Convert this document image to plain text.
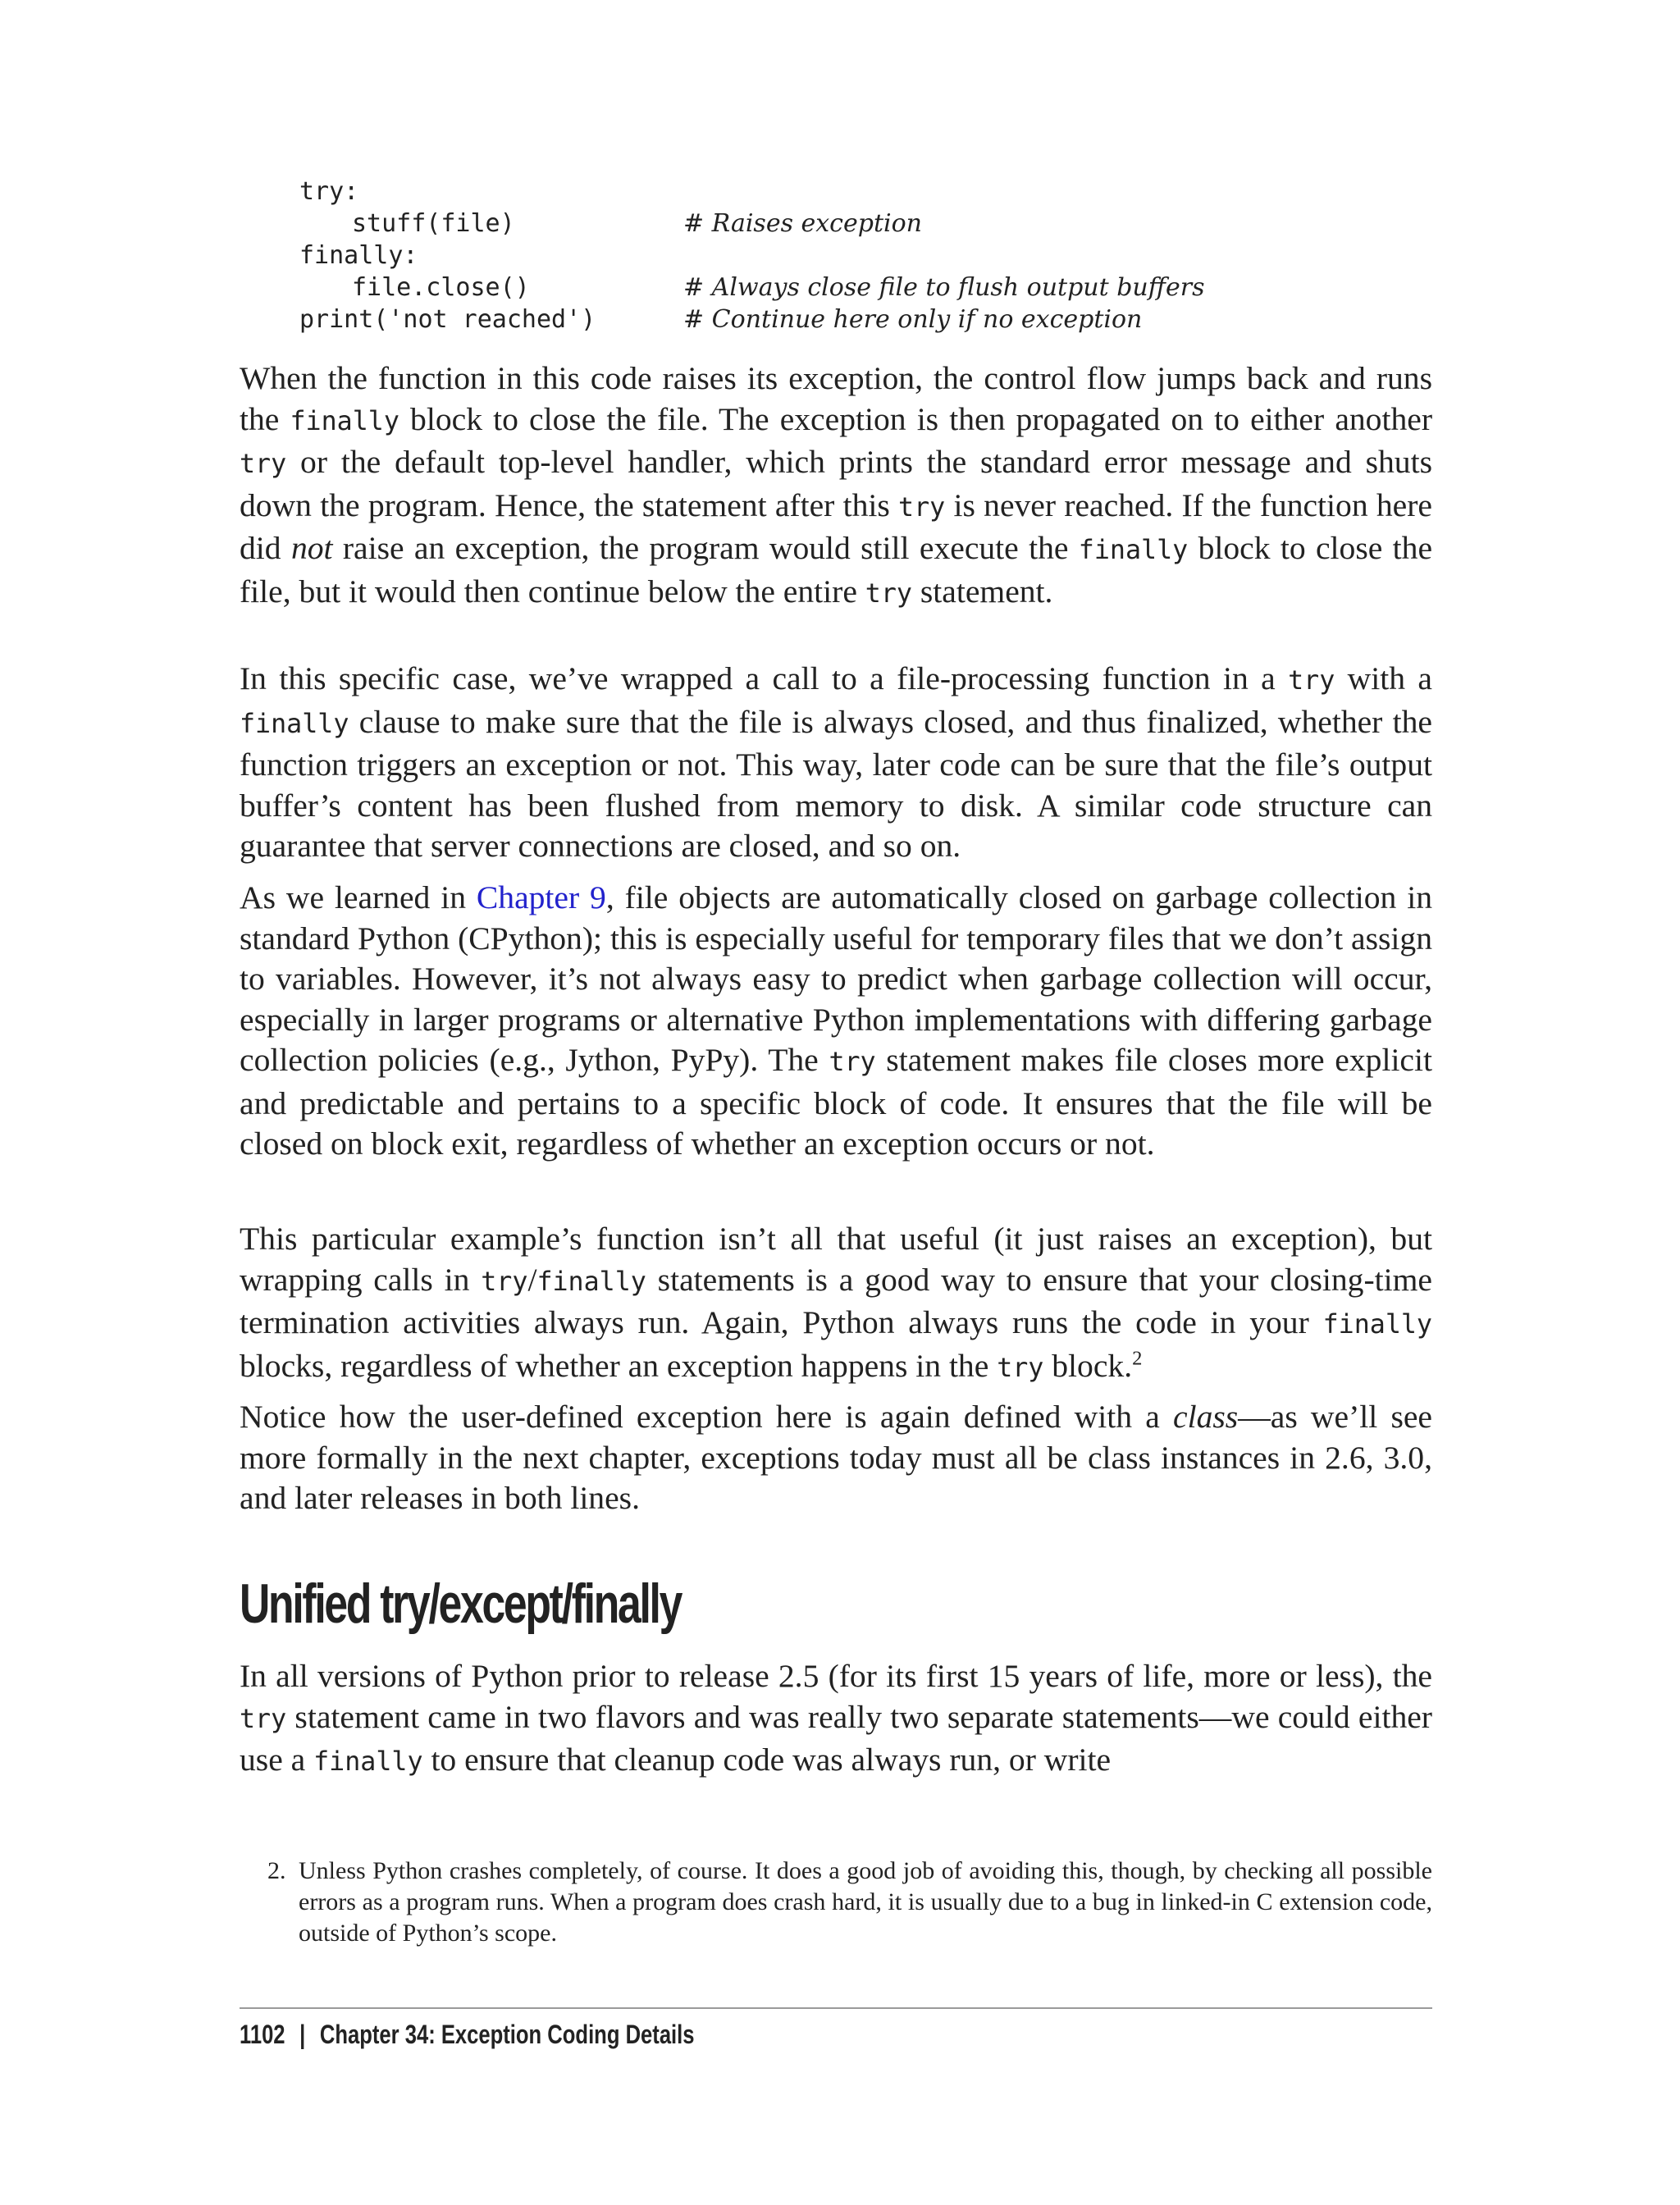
try:
stuff(file)	# Raises exception
finally:
file.close()	# Always close file to flush output buffers
print('not reached')	# Continue here only if no exception

When the function in this code raises its exception, the control flow jumps back and runs the finally block to close the file. The exception is then propagated on to either another try or the default top-level handler, which prints the standard error message and shuts down the program. Hence, the statement after this try is never reached. If the function here did not raise an exception, the program would still execute the finally block to close the file, but it would then continue below the entire try statement.

In this specific case, we’ve wrapped a call to a file-processing function in a try with a finally clause to make sure that the file is always closed, and thus finalized, whether the function triggers an exception or not. This way, later code can be sure that the file’s output buffer’s content has been flushed from memory to disk. A similar code structure can guarantee that server connections are closed, and so on.

As we learned in Chapter 9, file objects are automatically closed on garbage collection in standard Python (CPython); this is especially useful for temporary files that we don’t assign to variables. However, it’s not always easy to predict when garbage collection will occur, especially in larger programs or alternative Python implementations with differing garbage collection policies (e.g., Jython, PyPy). The try statement makes file closes more explicit and predictable and pertains to a specific block of code. It ensures that the file will be closed on block exit, regardless of whether an exception occurs or not.

This particular example’s function isn’t all that useful (it just raises an exception), but wrapping calls in try/finally statements is a good way to ensure that your closing-time termination activities always run. Again, Python always runs the code in your finally blocks, regardless of whether an exception happens in the try block.$^2$

Notice how the user-defined exception here is again defined with a class—as we’ll see more formally in the next chapter, exceptions today must all be class instances in 2.6, 3.0, and later releases in both lines.

Unified try/except/finally

In all versions of Python prior to release 2.5 (for its first 15 years of life, more or less), the try statement came in two flavors and was really two separate statements—we could either use a finally to ensure that cleanup code was always run, or write

2. Unless Python crashes completely, of course. It does a good job of avoiding this, though, by checking all possible errors as a program runs. When a program does crash hard, it is usually due to a bug in linked-in C extension code, outside of Python’s scope.
1102 | Chapter 34: Exception Coding Details
